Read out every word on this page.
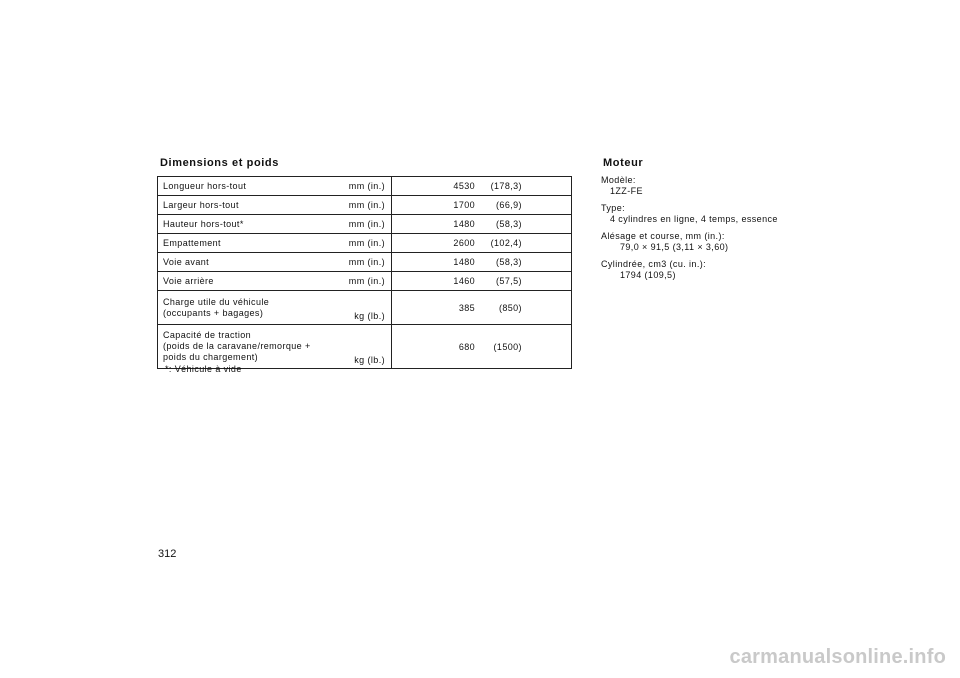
Dimensions et poids
Longueur hors‑tout mm (in.)	4530 (178,3)

Largeur hors‑tout mm (in.)	1700 (66,9)

Hauteur hors‑tout* mm (in.)	1480 (58,3)

Empattement mm (in.)	2600 (102,4)

Voie avant mm (in.)	1480 (58,3)

Voie arrière mm (in.)	1460 (57,5)

Charge utile du véhicule
(occupants + bagages) kg (lb.)	385 (850)

Capacité de traction
(poids de la caravane/remorque +
poids du chargement) kg (lb.)	680 (1500)
*: Véhicule à vide
Moteur
Modèle:
1ZZ‑FE
Type:
4 cylindres en ligne, 4 temps, essence
Alésage et course, mm (in.):
79,0 × 91,5 (3,11 × 3,60)
Cylindrée, cm3 (cu. in.):
1794 (109,5)
312
carmanualsonline.info
